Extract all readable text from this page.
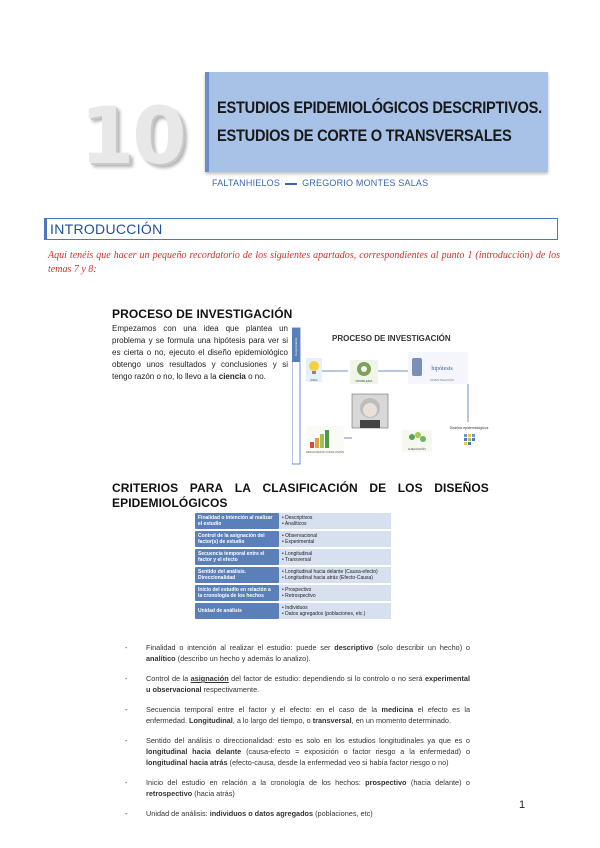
10 ESTUDIOS EPIDEMIOLÓGICOS DESCRIPTIVOS.
ESTUDIOS DE CORTE O TRANSVERSALES
FALTANHIELOS GREGORIO MONTES SALAS
INTRODUCCIÓN
Aquí tenéis que hacer un pequeño recordatorio de los siguientes apartados, correspondientes al punto 1 (introducción) de los temas 7 y 8:
PROCESO DE INVESTIGACIÓN
Empezamos con una idea que plantea un problema y se formula una hipótesis para ver si es cierta o no, ejecuto el diseño epidemiológico obtengo unos resultados y conclusiones y si tengo razón o no, lo llevo a la ciencia o no.
Conocimiento	PROCESO DE INVESTIGACIÓN
IDEA	PROBLEMA
hipótesis
INVESTIGACIÓN
Diseños epidemiológicos
EJECUCIÓN
RESULTADOS CONCLUSIÓN
CRITERIOS PARA LA CLASIFICACIÓN DE LOS DISEÑOS
EPIDEMIOLÓGICOS
Finalidad o intención al realizar el estudio
• Descriptivos
• Analíticos
Control de la asignación del factor(s) de estudio
• Observacional
• Experimental
Secuencia temporal entre el factor y el efecto
• Longitudinal
• Transversal
Sentido del análisis. Direccionalidad
• Longitudinal hacia delante (Causa-efecto)
• Longitudinal hacia atrás (Efecto-Causa)
Inicio del estudio en relación a la cronología de los hechos
• Prospectivo
• Retrospectivo
Unidad de análisis	• Individuos
• Datos agregados (poblaciones, etc.)

- Finalidad o intención al realizar el estudio: puede ser descriptivo (solo describir un hecho) o analítico (describo un hecho y además lo analizo).

- Control de la asignación del factor de estudio: dependiendo si lo controlo o no será experimental u observacional respectivamente.

- Secuencia temporal entre el factor y el efecto: en el caso de la medicina el efecto es la enfermedad. Longitudinal, a lo largo del tiempo, o transversal, en un momento determinado.

- Sentido del análisis o direccionalidad: esto es solo en los estudios longitudinales ya que es o longitudinal hacia delante (causa-efecto = exposición o factor riesgo a la enfermedad) o longitudinal hacia atrás (efecto-causa, desde la enfermedad veo si había factor riesgo o no)

- Inicio del estudio en relación a la cronología de los hechos: prospectivo (hacia delante) o retrospectivo (hacia atrás)

- Unidad de análisis: individuos o datos agregados (poblaciones, etc)

1
